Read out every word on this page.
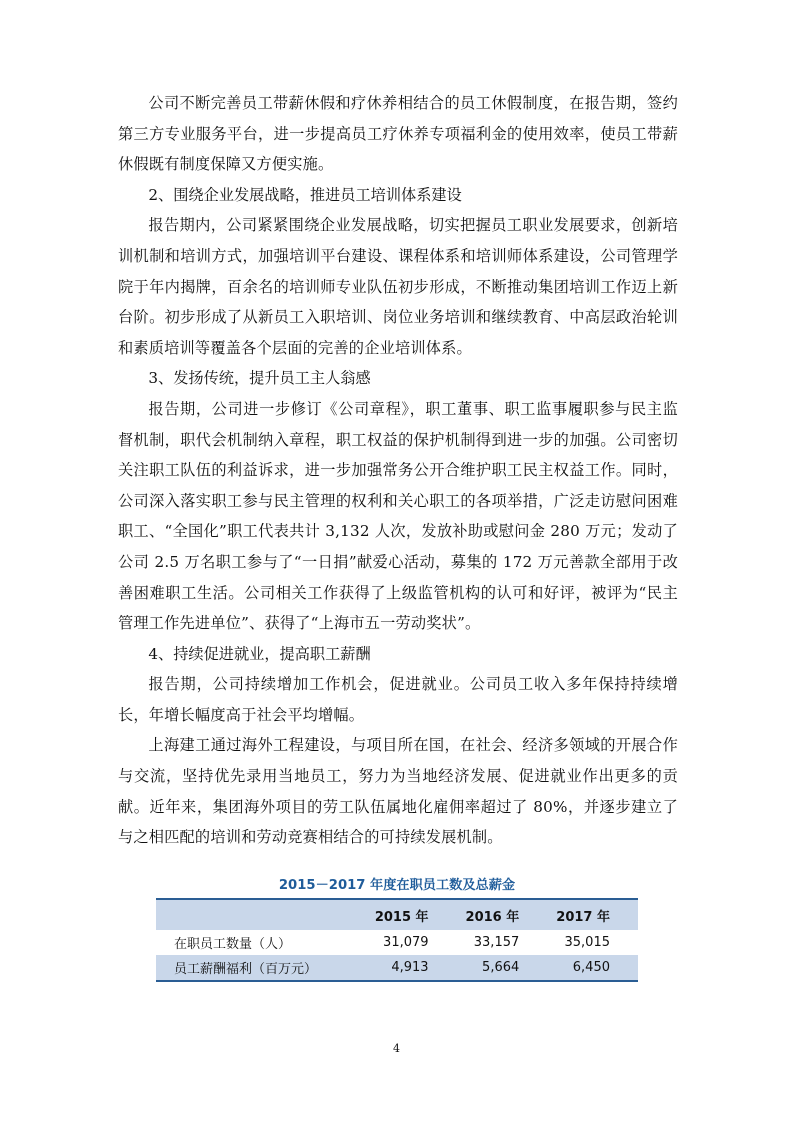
公司不断完善员工带薪休假和疗休养相结合的员工休假制度，在报告期，签约第三方专业服务平台，进一步提高员工疗休养专项福利金的使用效率，使员工带薪休假既有制度保障又方便实施。

2、围绕企业发展战略，推进员工培训体系建设

报告期内，公司紧紧围绕企业发展战略，切实把握员工职业发展要求，创新培训机制和培训方式，加强培训平台建设、课程体系和培训师体系建设，公司管理学院于年内揭牌，百余名的培训师专业队伍初步形成，不断推动集团培训工作迈上新台阶。初步形成了从新员工入职培训、岗位业务培训和继续教育、中高层政治轮训和素质培训等覆盖各个层面的完善的企业培训体系。

3、发扬传统，提升员工主人翁感

报告期，公司进一步修订《公司章程》，职工董事、职工监事履职参与民主监督机制，职代会机制纳入章程，职工权益的保护机制得到进一步的加强。公司密切关注职工队伍的利益诉求，进一步加强常务公开合维护职工民主权益工作。同时，公司深入落实职工参与民主管理的权利和关心职工的各项举措，广泛走访慰问困难职工、“全国化”职工代表共计 3,132 人次，发放补助或慰问金 280 万元；发动了公司 2.5 万名职工参与了“一日捐”献爱心活动，募集的 172 万元善款全部用于改善困难职工生活。公司相关工作获得了上级监管机构的认可和好评，被评为“民主管理工作先进单位”、获得了“上海市五一劳动奖状”。

4、持续促进就业，提高职工薪酬

报告期，公司持续增加工作机会，促进就业。公司员工收入多年保持持续增长，年增长幅度高于社会平均增幅。

上海建工通过海外工程建设，与项目所在国，在社会、经济多领域的开展合作与交流，坚持优先录用当地员工，努力为当地经济发展、促进就业作出更多的贡献。近年来，集团海外项目的劳工队伍属地化雇佣率超过了 80%，并逐步建立了与之相匹配的培训和劳动竞赛相结合的可持续发展机制。

2015－2017 年度在职员工数及总薪金
	2015 年	2016 年	2017 年
在职员工数量（人）	31,079	33,157	35,015
员工薪酬福利（百万元）	4,913	5,664	6,450
4
